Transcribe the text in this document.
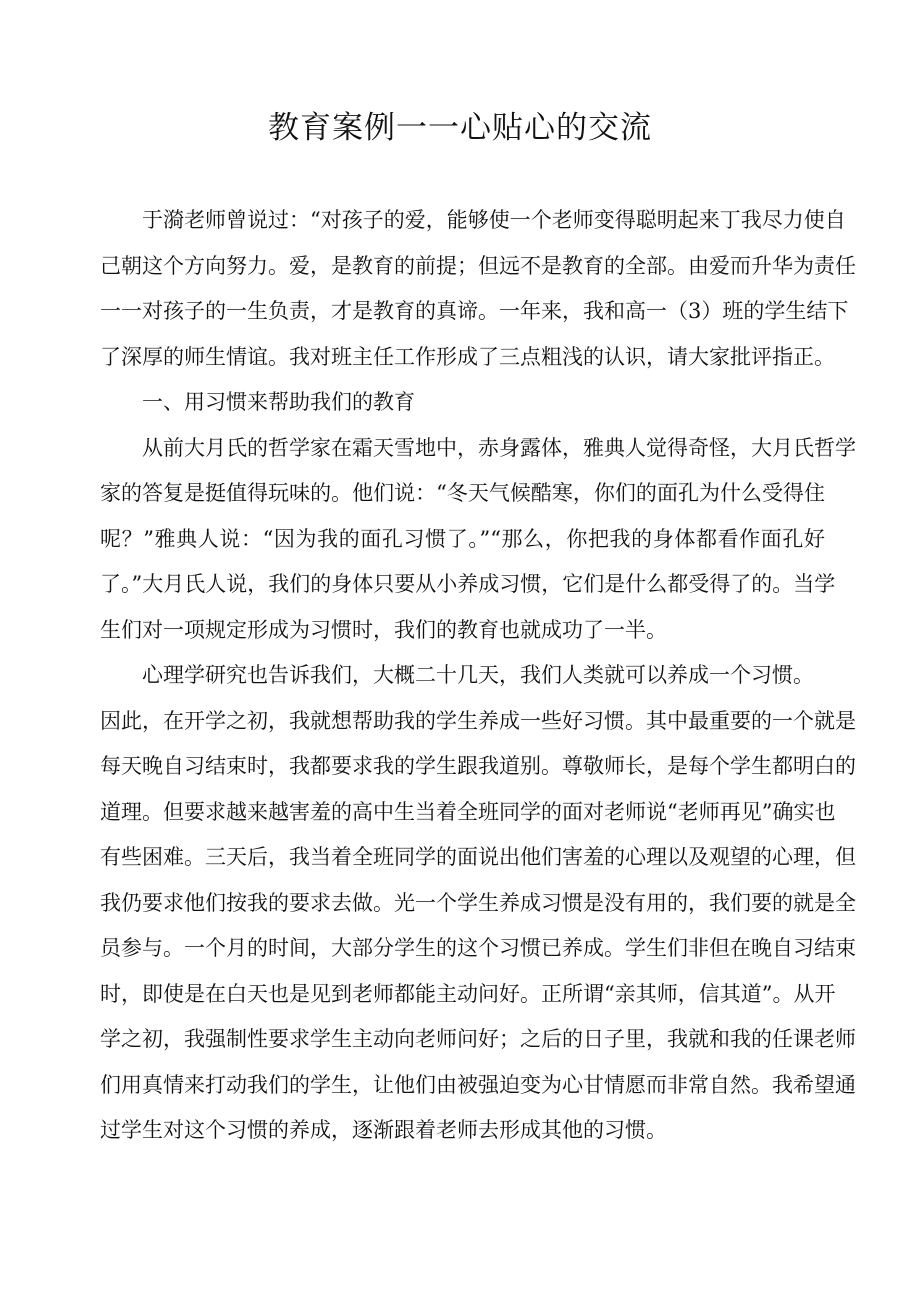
教育案例一一心贴心的交流

于漪老师曾说过：“对孩子的爱，能够使一个老师变得聪明起来丁我尽力使自
己朝这个方向努力。爱，是教育的前提；但远不是教育的全部。由爱而升华为责任
一一对孩子的一生负责，才是教育的真谛。一年来，我和高一（3）班的学生结下
了深厚的师生情谊。我对班主任工作形成了三点粗浅的认识，请大家批评指正。

一、用习惯来帮助我们的教育

从前大月氏的哲学家在霜天雪地中，赤身露体，雅典人觉得奇怪，大月氏哲学
家的答复是挺值得玩味的。他们说：“冬天气候酷寒，你们的面孔为什么受得住
呢？”雅典人说：“因为我的面孔习惯了。”“那么，你把我的身体都看作面孔好
了。”大月氏人说，我们的身体只要从小养成习惯，它们是什么都受得了的。当学
生们对一项规定形成为习惯时，我们的教育也就成功了一半。

心理学研究也告诉我们，大概二十几天，我们人类就可以养成一个习惯。

因此，在开学之初，我就想帮助我的学生养成一些好习惯。其中最重要的一个就是
每天晚自习结束时，我都要求我的学生跟我道别。尊敬师长，是每个学生都明白的
道理。但要求越来越害羞的高中生当着全班同学的面对老师说“老师再见”确实也
有些困难。三天后，我当着全班同学的面说出他们害羞的心理以及观望的心理，但
我仍要求他们按我的要求去做。光一个学生养成习惯是没有用的，我们要的就是全
员参与。一个月的时间，大部分学生的这个习惯已养成。学生们非但在晚自习结束
时，即使是在白天也是见到老师都能主动问好。正所谓“亲其师，信其道”。从开
学之初，我强制性要求学生主动向老师问好；之后的日子里，我就和我的任课老师
们用真情来打动我们的学生，让他们由被强迫变为心甘情愿而非常自然。我希望通
过学生对这个习惯的养成，逐渐跟着老师去形成其他的习惯。
